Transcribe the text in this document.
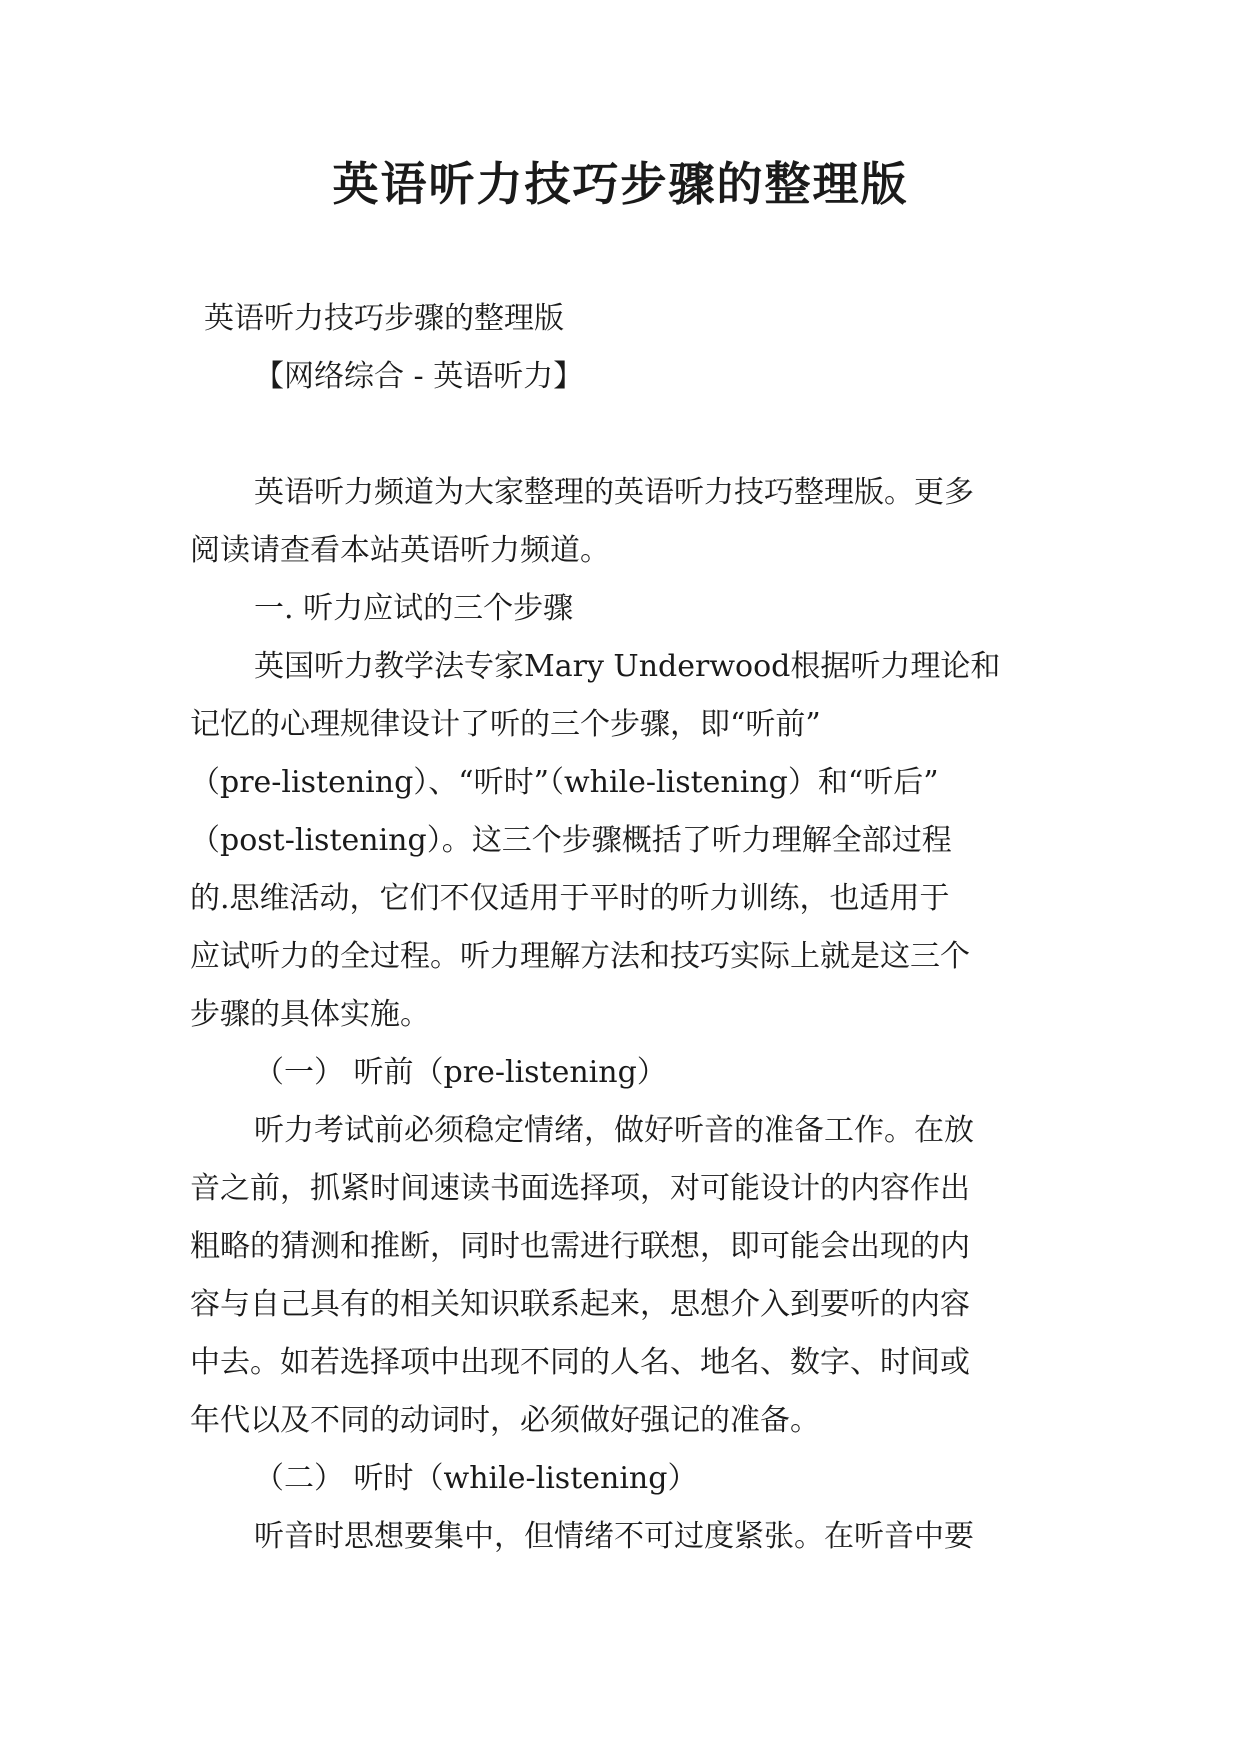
英语听力技巧步骤的整理版
英语听力技巧步骤的整理版
【网络综合 - 英语听力】
英语听力频道为大家整理的英语听力技巧整理版。更多
阅读请查看本站英语听力频道。
一. 听力应试的三个步骤
英国听力教学法专家Mary Underwood根据听力理论和
记忆的心理规律设计了听的三个步骤，即“听前”
（pre-listening）、“听时”（while-listening）和“听后”
（post-listening）。这三个步骤概括了听力理解全部过程
的.思维活动，它们不仅适用于平时的听力训练，也适用于
应试听力的全过程。听力理解方法和技巧实际上就是这三个
步骤的具体实施。
（一） 听前（pre-listening）
听力考试前必须稳定情绪，做好听音的准备工作。在放
音之前，抓紧时间速读书面选择项，对可能设计的内容作出
粗略的猜测和推断，同时也需进行联想，即可能会出现的内
容与自己具有的相关知识联系起来，思想介入到要听的内容
中去。如若选择项中出现不同的人名、地名、数字、时间或
年代以及不同的动词时，必须做好强记的准备。
（二） 听时（while-listening）
听音时思想要集中，但情绪不可过度紧张。在听音中要
